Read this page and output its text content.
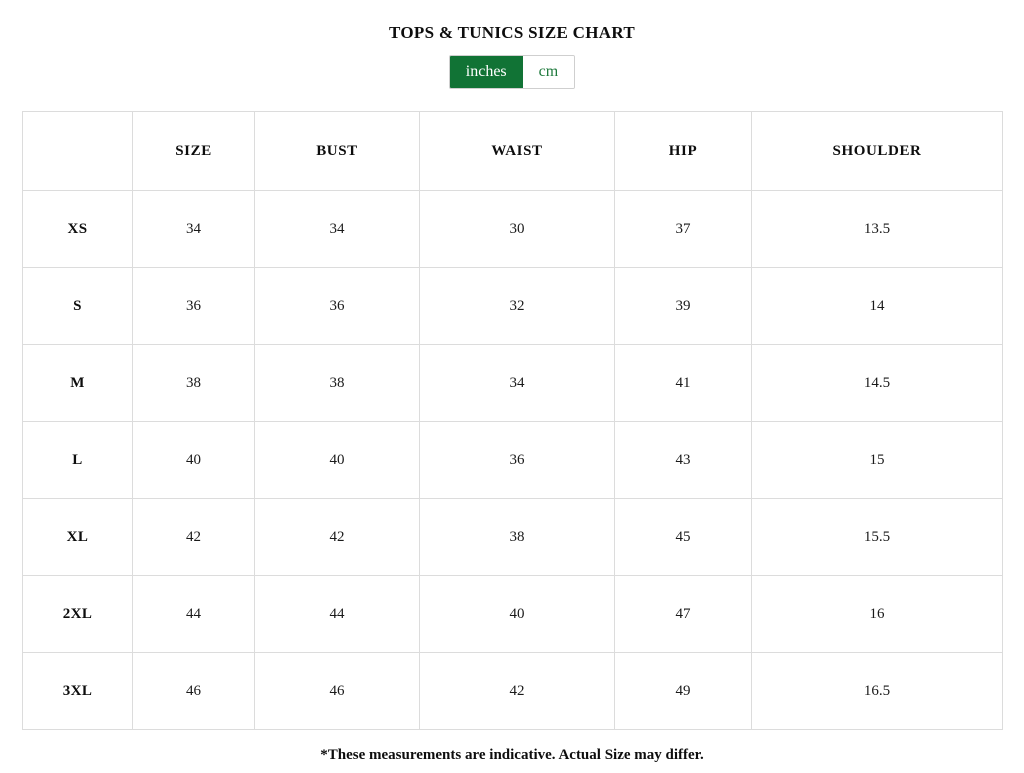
TOPS & TUNICS SIZE CHART
inches	cm
	SIZE	BUST	WAIST	HIP	SHOULDER
XS	34	34	30	37	13.5
S	36	36	32	39	14
M	38	38	34	41	14.5
L	40	40	36	43	15
XL	42	42	38	45	15.5
2XL	44	44	40	47	16
3XL	46	46	42	49	16.5
*These measurements are indicative. Actual Size may differ.
